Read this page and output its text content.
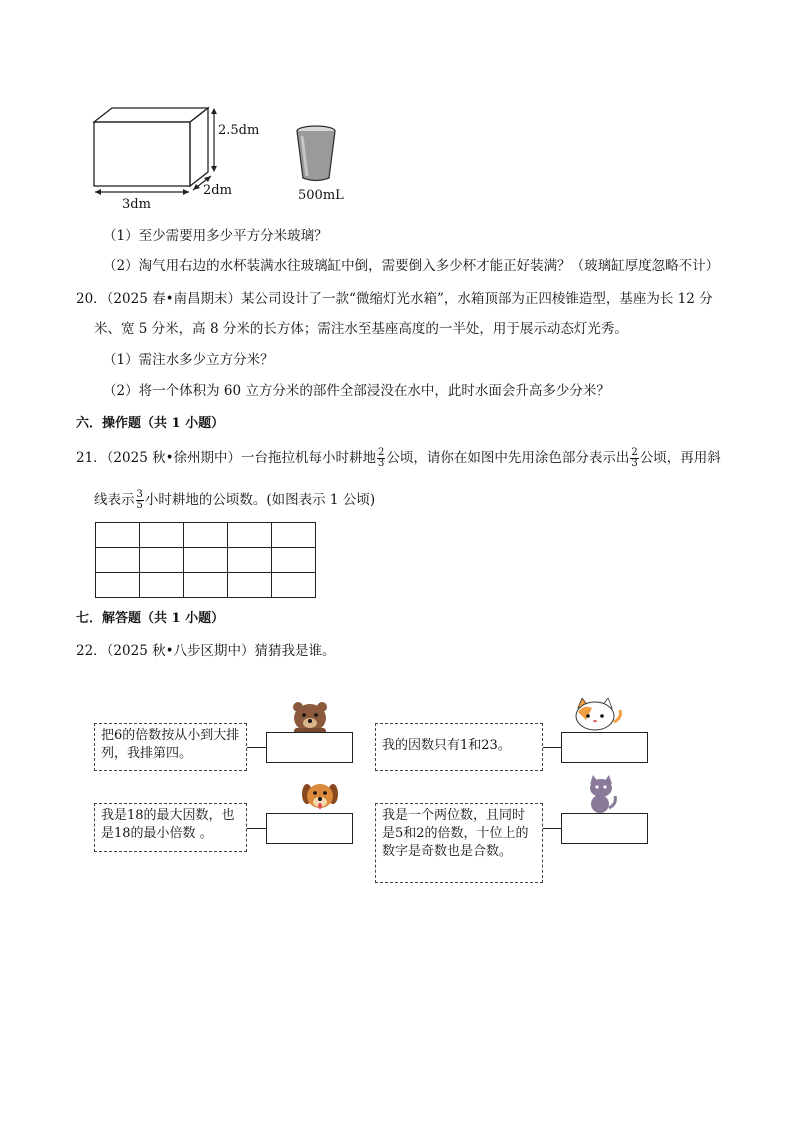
2.5dm
2dm
3dm
500mL
（1）至少需要用多少平方分米玻璃？
（2）淘气用右边的水杯装满水往玻璃缸中倒，需要倒入多少杯才能正好装满？（玻璃缸厚度忽略不计）
20．（2025 春•南昌期末）某公司设计了一款“微缩灯光水箱”，水箱顶部为正四棱锥造型，基座为长 12 分
米、宽 5 分米，高 8 分米的长方体；需注水至基座高度的一半处，用于展示动态灯光秀。
（1）需注水多少立方分米？
（2）将一个体积为 60 立方分米的部件全部浸没在水中，此时水面会升高多少分米？
六．操作题（共 1 小题）
21．（2025 秋•徐州期中）一台拖拉机每小时耕地 $\frac{2}{3}$ 公顷，请你在如图中先用涂色部分表示出 $\frac{2}{3}$ 公顷，再用斜
线表示 $\frac{3}{5}$ 小时耕地的公顷数。(如图表示 1 公顷)

七．解答题（共 1 小题）
22．（2025 秋•八步区期中）猜猜我是谁。
把6的倍数按从小到大排列，我排第四。
我的因数只有1和23。
我是18的最大因数，也是18的最小倍数 。
我是一个两位数，且同时是5和2的倍数，十位上的数字是奇数也是合数。
